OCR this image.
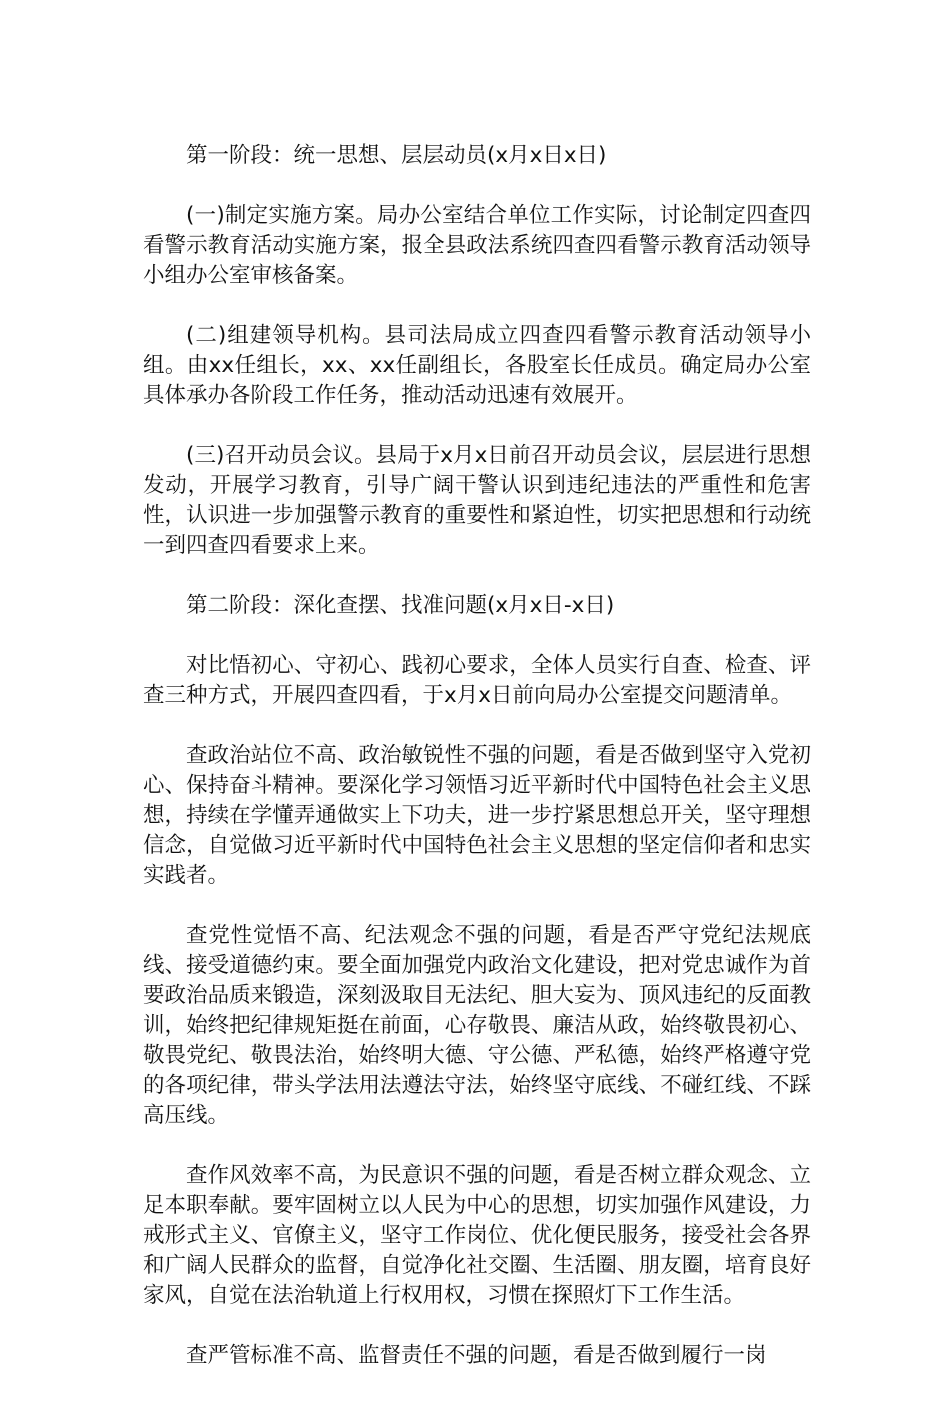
第一阶段：统一思想、层层动员(x月x日x日)

(一)制定实施方案。局办公室结合单位工作实际，讨论制定四查四看警示教育活动实施方案，报全县政法系统四查四看警示教育活动领导小组办公室审核备案。

(二)组建领导机构。县司法局成立四查四看警示教育活动领导小组。由xx任组长，xx、xx任副组长，各股室长任成员。确定局办公室具体承办各阶段工作任务，推动活动迅速有效展开。

(三)召开动员会议。县局于x月x日前召开动员会议，层层进行思想发动，开展学习教育，引导广阔干警认识到违纪违法的严重性和危害性，认识进一步加强警示教育的重要性和紧迫性，切实把思想和行动统一到四查四看要求上来。

第二阶段：深化查摆、找准问题(x月x日-x日)

对比悟初心、守初心、践初心要求，全体人员实行自查、检查、评查三种方式，开展四查四看，于x月x日前向局办公室提交问题清单。

查政治站位不高、政治敏锐性不强的问题，看是否做到坚守入党初心、保持奋斗精神。要深化学习领悟习近平新时代中国特色社会主义思想，持续在学懂弄通做实上下功夫，进一步拧紧思想总开关，坚守理想信念，自觉做习近平新时代中国特色社会主义思想的坚定信仰者和忠实实践者。

查党性觉悟不高、纪法观念不强的问题，看是否严守党纪法规底线、接受道德约束。要全面加强党内政治文化建设，把对党忠诚作为首要政治品质来锻造，深刻汲取目无法纪、胆大妄为、顶风违纪的反面教训，始终把纪律规矩挺在前面，心存敬畏、廉洁从政，始终敬畏初心、敬畏党纪、敬畏法治，始终明大德、守公德、严私德，始终严格遵守党的各项纪律，带头学法用法遵法守法，始终坚守底线、不碰红线、不踩高压线。

查作风效率不高，为民意识不强的问题，看是否树立群众观念、立足本职奉献。要牢固树立以人民为中心的思想，切实加强作风建设，力戒形式主义、官僚主义，坚守工作岗位、优化便民服务，接受社会各界和广阔人民群众的监督，自觉净化社交圈、生活圈、朋友圈，培育良好家风，自觉在法治轨道上行权用权，习惯在探照灯下工作生活。

查严管标准不高、监督责任不强的问题，看是否做到履行一岗
